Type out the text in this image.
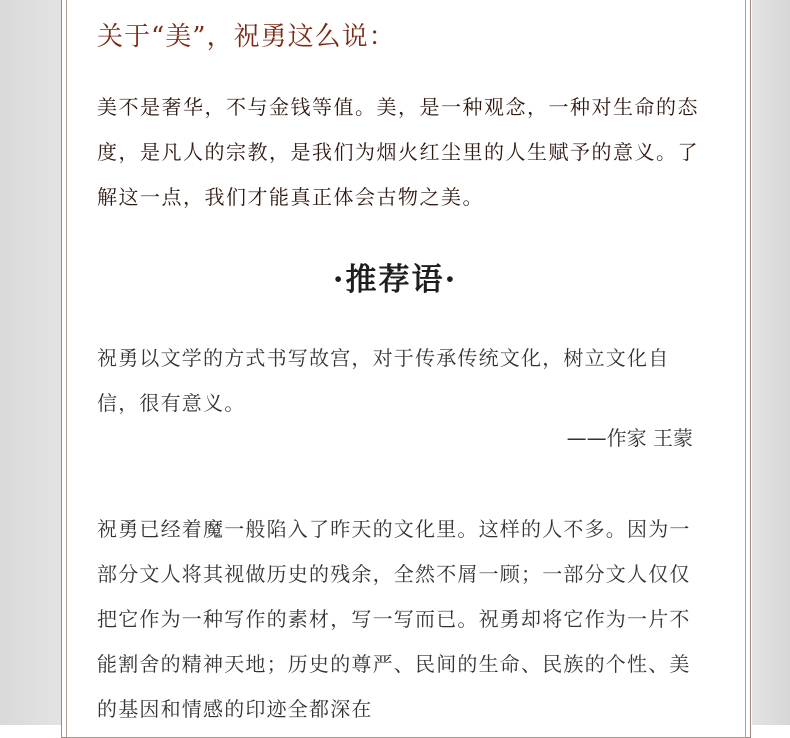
关于“美”，祝勇这么说：

美不是奢华，不与金钱等值。美，是一种观念，一种对生命的态度，是凡人的宗教，是我们为烟火红尘里的人生赋予的意义。了解这一点，我们才能真正体会古物之美。

·推荐语·

祝勇以文学的方式书写故宫，对于传承传统文化，树立文化自信，很有意义。

——作家 王蒙

祝勇已经着魔一般陷入了昨天的文化里。这样的人不多。因为一部分文人将其视做历史的残余，全然不屑一顾；一部分文人仅仅把它作为一种写作的素材，写一写而已。祝勇却将它作为一片不能割舍的精神天地；历史的尊严、民间的生命、民族的个性、美的基因和情感的印迹全都深在
